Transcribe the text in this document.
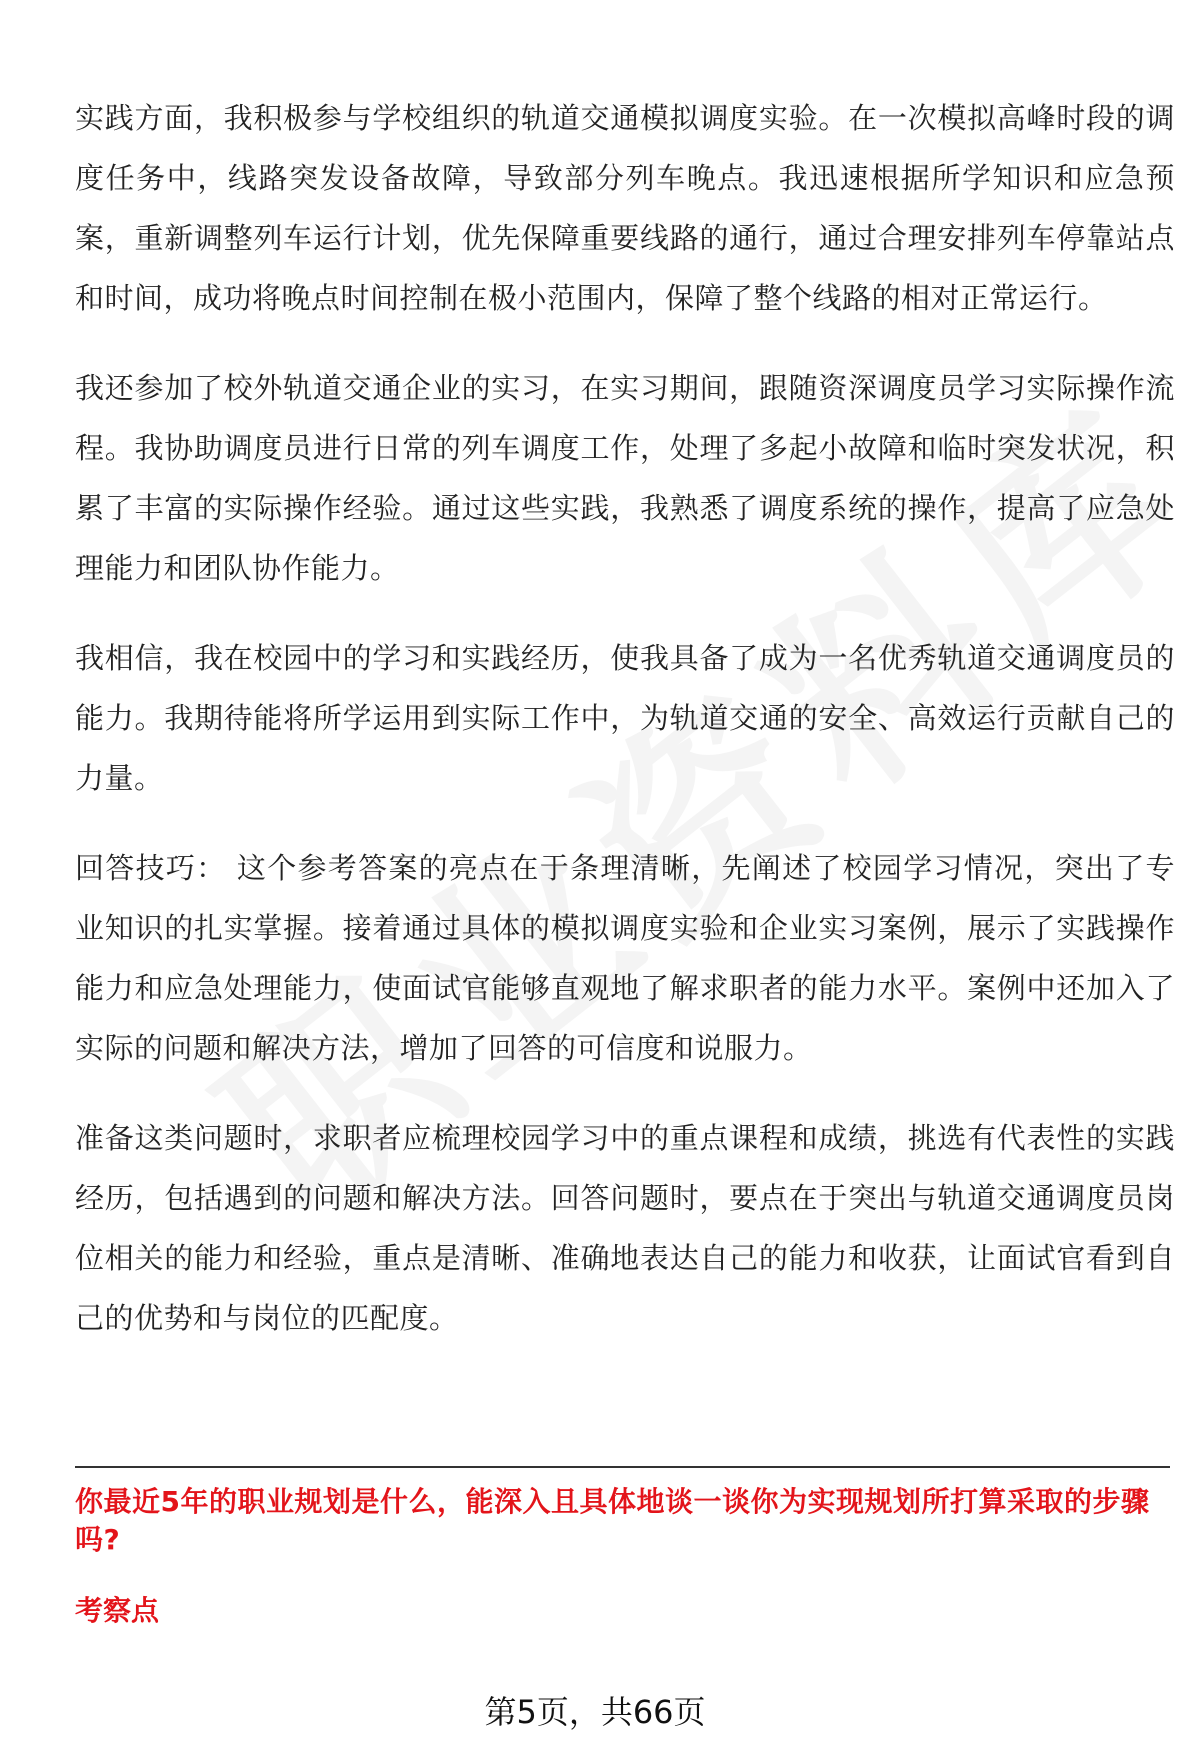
实践方面，我积极参与学校组织的轨道交通模拟调度实验。在一次模拟高峰时段的调度任务中，线路突发设备故障，导致部分列车晚点。我迅速根据所学知识和应急预案，重新调整列车运行计划，优先保障重要线路的通行，通过合理安排列车停靠站点和时间，成功将晚点时间控制在极小范围内，保障了整个线路的相对正常运行。

我还参加了校外轨道交通企业的实习，在实习期间，跟随资深调度员学习实际操作流程。我协助调度员进行日常的列车调度工作，处理了多起小故障和临时突发状况，积累了丰富的实际操作经验。通过这些实践，我熟悉了调度系统的操作，提高了应急处理能力和团队协作能力。

我相信，我在校园中的学习和实践经历，使我具备了成为一名优秀轨道交通调度员的能力。我期待能将所学运用到实际工作中，为轨道交通的安全、高效运行贡献自己的力量。

回答技巧： 这个参考答案的亮点在于条理清晰，先阐述了校园学习情况，突出了专业知识的扎实掌握。接着通过具体的模拟调度实验和企业实习案例，展示了实践操作能力和应急处理能力，使面试官能够直观地了解求职者的能力水平。案例中还加入了实际的问题和解决方法，增加了回答的可信度和说服力。

准备这类问题时，求职者应梳理校园学习中的重点课程和成绩，挑选有代表性的实践经历，包括遇到的问题和解决方法。回答问题时，要点在于突出与轨道交通调度员岗位相关的能力和经验，重点是清晰、准确地表达自己的能力和收获，让面试官看到自己的优势和与岗位的匹配度。

你最近5年的职业规划是什么，能深入且具体地谈一谈你为实现规划所打算采取的步骤吗?
考察点
第5页，共66页
